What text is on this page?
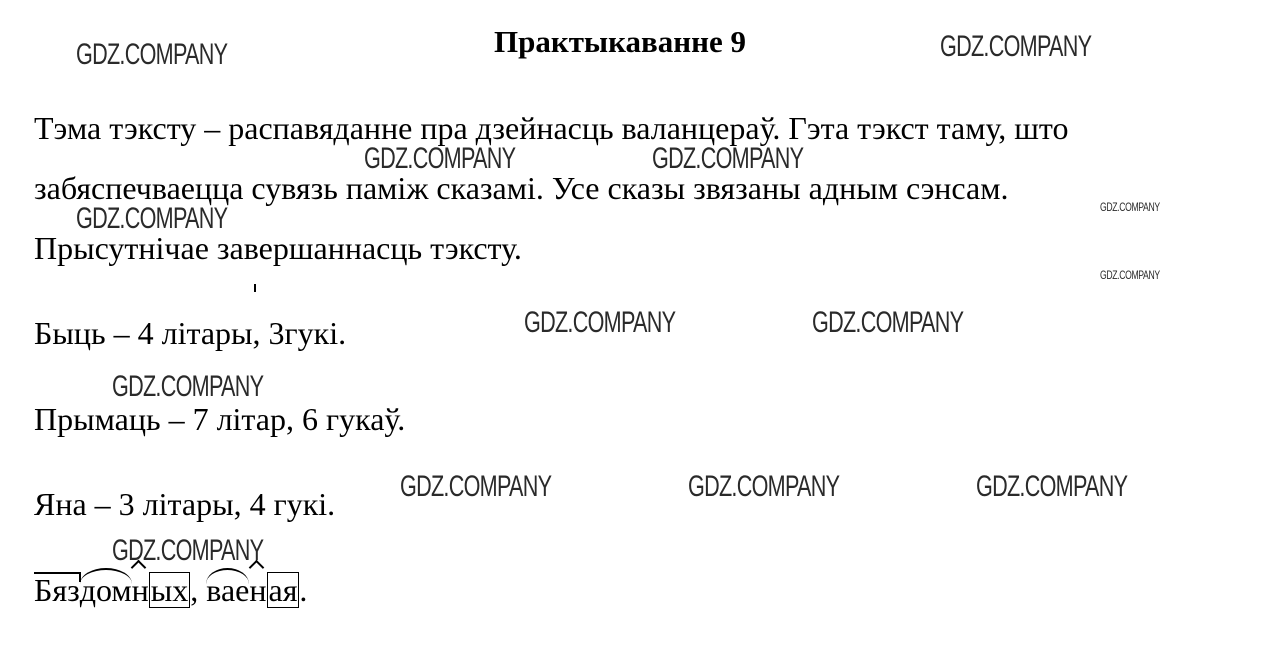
Практыкаванне 9
Тэма тэксту – распавяданне пра дзейнасць валанцераў. Гэта тэкст таму, што
забяспечваецца сувязь паміж сказамі. Усе сказы звязаны адным сэнсам.
Прысутнічае завершаннасць тэксту.
Быць – 4 літары, 3гукі.
Прымаць – 7 літар, 6 гукаў.
Яна – 3 літары, 4 гукі.
Бяздомных, ваеная.
GDZ.COMPANY	GDZ.COMPANY
GDZ.COMPANY	GDZ.COMPANY
GDZ.COMPANY	GDZ.COMPANY
GDZ.COMPANY
GDZ.COMPANY	GDZ.COMPANY
GDZ.COMPANY
GDZ.COMPANY	GDZ.COMPANY	GDZ.COMPANY
GDZ.COMPANY
